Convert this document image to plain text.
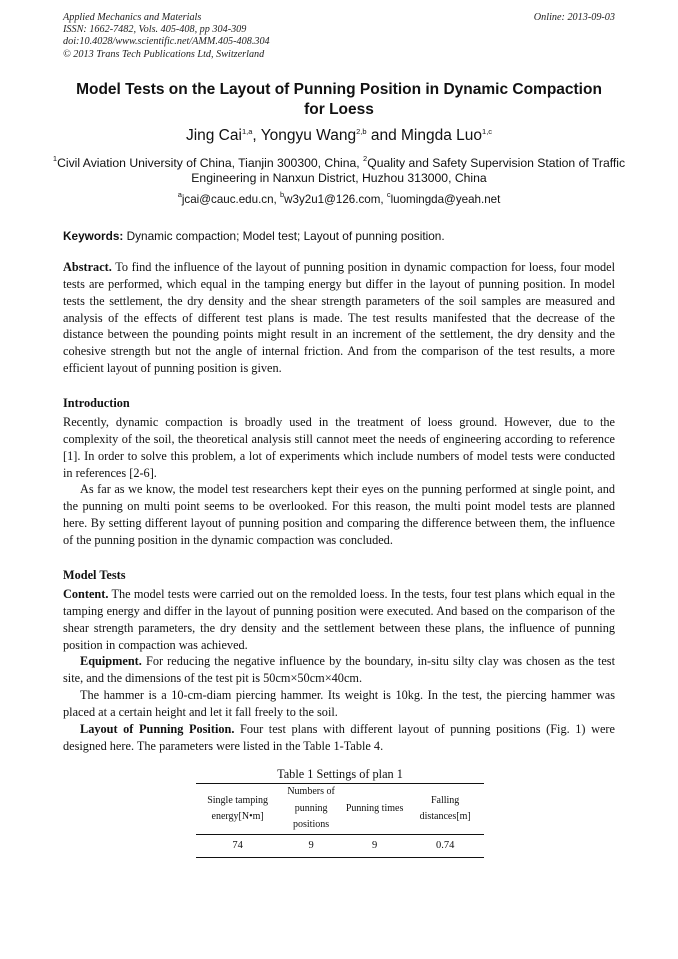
Applied Mechanics and Materials
ISSN: 1662-7482, Vols. 405-408, pp 304-309
doi:10.4028/www.scientific.net/AMM.405-408.304
© 2013 Trans Tech Publications Ltd, Switzerland
Online: 2013-09-03
Model Tests on the Layout of Punning Position in Dynamic Compaction
for Loess
Jing Cai$^{1,a}$, Yongyu Wang$^{2,b}$ and Mingda Luo$^{1,c}$
$^1$Civil Aviation University of China, Tianjin 300300, China, $^2$Quality and Safety Supervision Station of Traffic Engineering in Nanxun District, Huzhou 313000, China
$^a$jcai@cauc.edu.cn, $^b$w3y2u1@126.com, $^c$luomingda@yeah.net
Keywords: Dynamic compaction; Model test; Layout of punning position.

Abstract. To find the influence of the layout of punning position in dynamic compaction for loess, four model tests are performed, which equal in the tamping energy but differ in the layout of punning position. In model tests the settlement, the dry density and the shear strength parameters of the soil samples are measured and analysis of the effects of different test plans is made. The test results manifested that the decrease of the distance between the pounding points might result in an increment of the settlement, the dry density and the cohesive strength but not the angle of internal friction. And from the comparison of the test results, a more efficient layout of punning position is given.

Introduction

Recently, dynamic compaction is broadly used in the treatment of loess ground. However, due to the complexity of the soil, the theoretical analysis still cannot meet the needs of engineering according to reference [1]. In order to solve this problem, a lot of experiments which include numbers of model tests were conducted in references [2-6].

As far as we know, the model test researchers kept their eyes on the punning performed at single point, and the punning on multi point seems to be overlooked. For this reason, the multi point model tests are planned here. By setting different layout of punning position and comparing the difference between them, the influence of the punning position in the dynamic compaction was concluded.

Model Tests

Content. The model tests were carried out on the remolded loess. In the tests, four test plans which equal in the tamping energy and differ in the layout of punning position were executed. And based on the comparison of the shear strength parameters, the dry density and the settlement between these plans, the influence of punning position in compaction was achieved.

Equipment. For reducing the negative influence by the boundary, in-situ silty clay was chosen as the test site, and the dimensions of the test pit is 50cm×50cm×40cm.

The hammer is a 10-cm-diam piercing hammer. Its weight is 10kg. In the test, the piercing hammer was placed at a certain height and let it fall freely to the soil.

Layout of Punning Position. Four test plans with different layout of punning positions (Fig. 1) were designed here. The parameters were listed in the Table 1-Table 4.

Table 1 Settings of plan 1
Single tamping energy[N•m]	Numbers of punning positions	Punning times	Falling distances[m]
74	9	9	0.74
